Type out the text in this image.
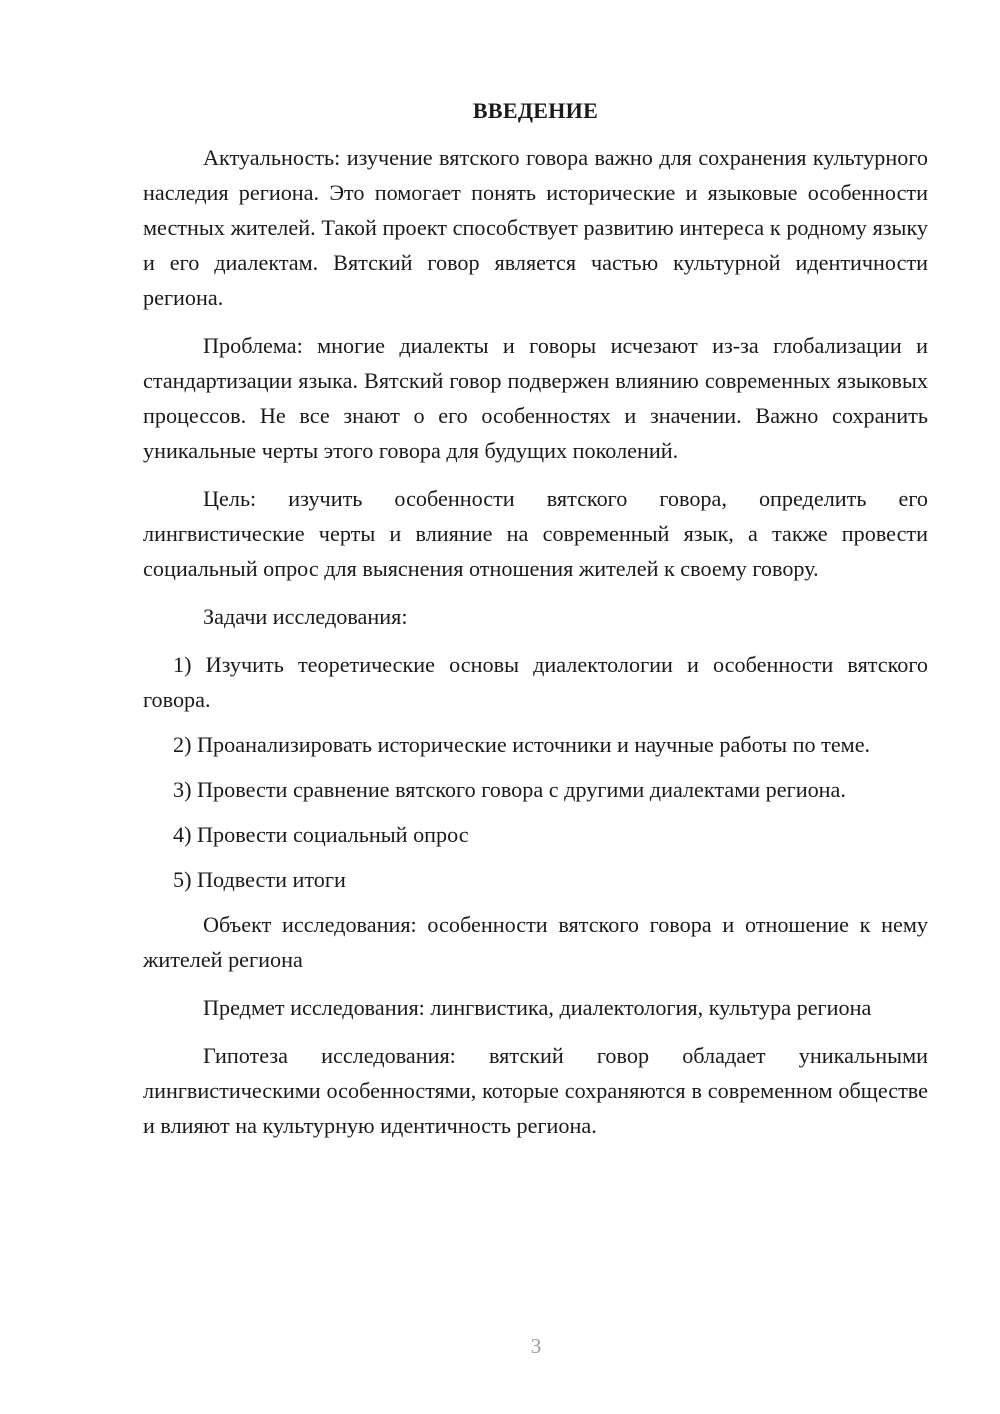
ВВЕДЕНИЕ

Актуальность: изучение вятского говора важно для сохранения культурного наследия региона. Это помогает понять исторические и языковые особенности местных жителей. Такой проект способствует развитию интереса к родному языку и его диалектам. Вятский говор является частью культурной идентичности региона.

Проблема: многие диалекты и говоры исчезают из-за глобализации и стандартизации языка. Вятский говор подвержен влиянию современных языковых процессов. Не все знают о его особенностях и значении. Важно сохранить уникальные черты этого говора для будущих поколений.

Цель: изучить особенности вятского говора, определить его лингвистические черты и влияние на современный язык, а также провести социальный опрос для выяснения отношения жителей к своему говору.

Задачи исследования:

1) Изучить теоретические основы диалектологии и особенности вятского говора.

2) Проанализировать исторические источники и научные работы по теме.

3) Провести сравнение вятского говора с другими диалектами региона.

4) Провести социальный опрос

5) Подвести итоги

Объект исследования: особенности вятского говора и отношение к нему жителей региона

Предмет исследования: лингвистика, диалектология, культура региона

Гипотеза исследования: вятский говор обладает уникальными лингвистическими особенностями, которые сохраняются в современном обществе и влияют на культурную идентичность региона.

3
